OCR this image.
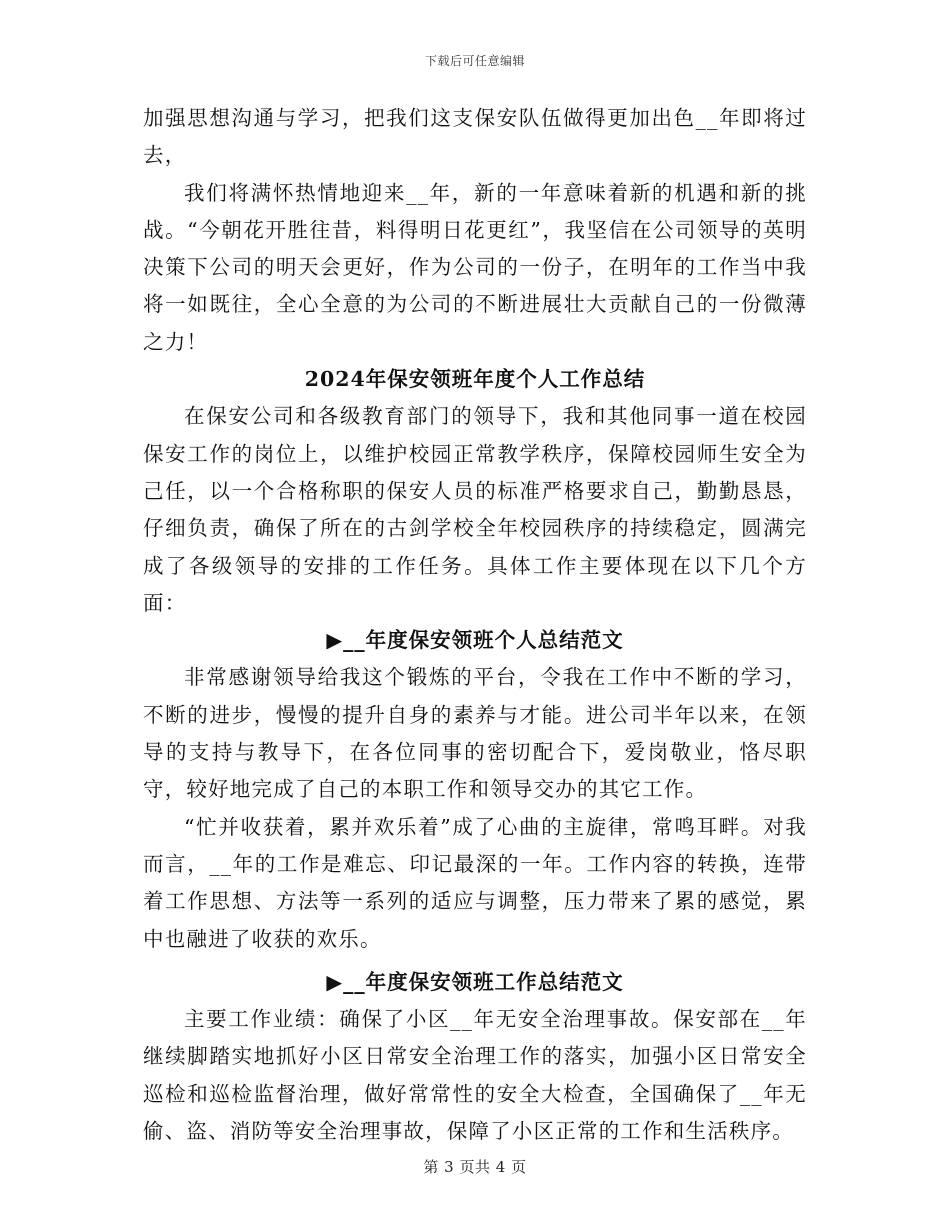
下载后可任意编辑

加强思想沟通与学习，把我们这支保安队伍做得更加出色__年即将过去，

我们将满怀热情地迎来__年，新的一年意味着新的机遇和新的挑战。“今朝花开胜往昔，料得明日花更红”，我坚信在公司领导的英明决策下公司的明天会更好，作为公司的一份子，在明年的工作当中我将一如既往，全心全意的为公司的不断进展壮大贡献自己的一份微薄之力！

2024年保安领班年度个人工作总结

在保安公司和各级教育部门的领导下，我和其他同事一道在校园保安工作的岗位上，以维护校园正常教学秩序，保障校园师生安全为己任，以一个合格称职的保安人员的标准严格要求自己，勤勤恳恳，仔细负责，确保了所在的古剑学校全年校园秩序的持续稳定，圆满完成了各级领导的安排的工作任务。具体工作主要体现在以下几个方面：

▶__年度保安领班个人总结范文

非常感谢领导给我这个锻炼的平台，令我在工作中不断的学习，不断的进步，慢慢的提升自身的素养与才能。进公司半年以来，在领导的支持与教导下，在各位同事的密切配合下，爱岗敬业，恪尽职守，较好地完成了自己的本职工作和领导交办的其它工作。

“忙并收获着，累并欢乐着”成了心曲的主旋律，常鸣耳畔。对我而言，__年的工作是难忘、印记最深的一年。工作内容的转换，连带着工作思想、方法等一系列的适应与调整，压力带来了累的感觉，累中也融进了收获的欢乐。

▶__年度保安领班工作总结范文

主要工作业绩：确保了小区__年无安全治理事故。保安部在__年继续脚踏实地抓好小区日常安全治理工作的落实，加强小区日常安全巡检和巡检监督治理，做好常常性的安全大检查，全国确保了__年无偷、盗、消防等安全治理事故，保障了小区正常的工作和生活秩序。

第 3 页共 4 页
